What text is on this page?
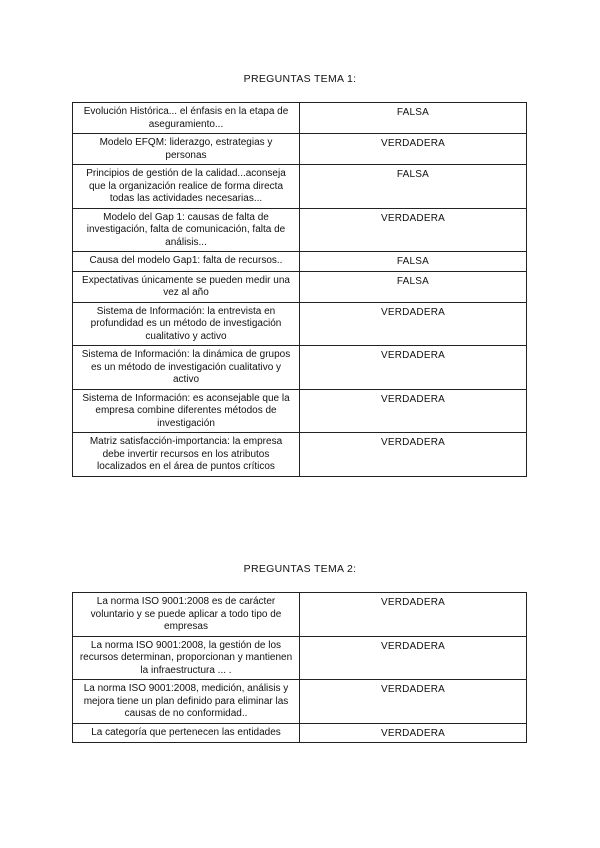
PREGUNTAS TEMA 1:
Evolución Histórica... el énfasis en la etapa de aseguramiento...	FALSA
Modelo EFQM: liderazgo, estrategias y personas	VERDADERA
Principios de gestión de la calidad...aconseja que la organización realice de forma directa todas las actividades necesarias...	FALSA
Modelo del Gap 1: causas de falta de investigación, falta de comunicación, falta de análisis...	VERDADERA
Causa del modelo Gap1: falta de recursos..	FALSA
Expectativas únicamente se pueden medir una vez al año	FALSA
Sistema de Información: la entrevista en profundidad es un método de investigación cualitativo y activo	VERDADERA
Sistema de Información: la dinámica de grupos es un método de investigación cualitativo y activo	VERDADERA
Sistema de Información: es aconsejable que la empresa combine diferentes métodos de investigación	VERDADERA
Matriz satisfacción-importancia: la empresa debe invertir recursos en los atributos localizados en el área de puntos críticos	VERDADERA
PREGUNTAS TEMA 2:
La norma ISO 9001:2008 es de carácter voluntario y se puede aplicar a todo tipo de empresas	VERDADERA
La norma ISO 9001:2008, la gestión de los recursos determinan, proporcionan y mantienen la infraestructura ... .	VERDADERA
La norma ISO 9001:2008, medición, análisis y mejora tiene un plan definido para eliminar las causas de no conformidad..	VERDADERA
La categoría que pertenecen las entidades	VERDADERA
